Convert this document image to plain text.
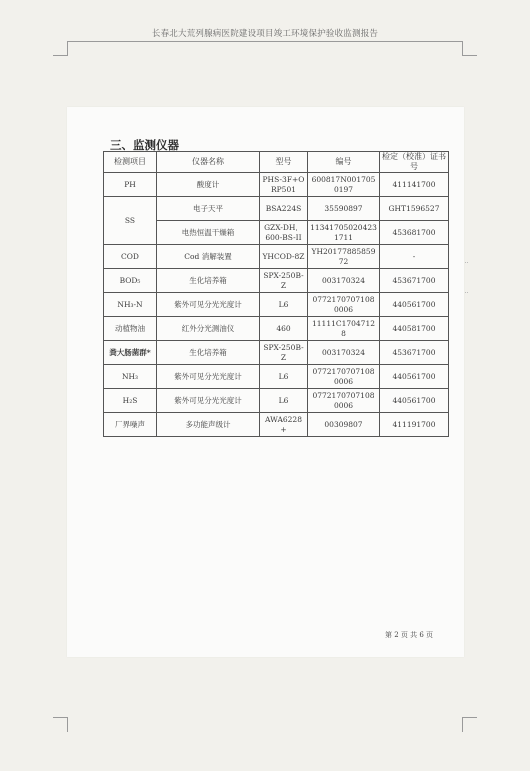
长春北大荒列腺病医院建设项目竣工环境保护验收监测报告
三、监测仪器
检测项目	仪器名称	型号	编号	检定（校准）证书号
PH	酸度计	PHS-3F+ORP501	600817N0017050197	411141700
SS	电子天平	BSA224S	35590897	GHT1596527
	电热恒温干燥箱	GZX-DH．600-BS-II	113417050204231711	453681700
COD	Cod 消解装置	YHCOD-8Z	YH2017788585972	-
BOD₅	生化培养箱	SPX-250B-Z	003170324	453671700
NH₃-N	紫外可见分光光度计	L6	0772170707108 0006	440561700
动植物油	红外分光测油仪	460	11111C1704712 8	440581700
粪大肠菌群*	生化培养箱	SPX-250B-Z	003170324	453671700
NH₃	紫外可见分光光度计	L6	0772170707108 0006	440561700
H₂S	紫外可见分光光度计	L6	0772170707108 0006	440561700
厂界噪声	多功能声级计	AWA6228+	00309807	411191700
第 2 页 共 6 页
